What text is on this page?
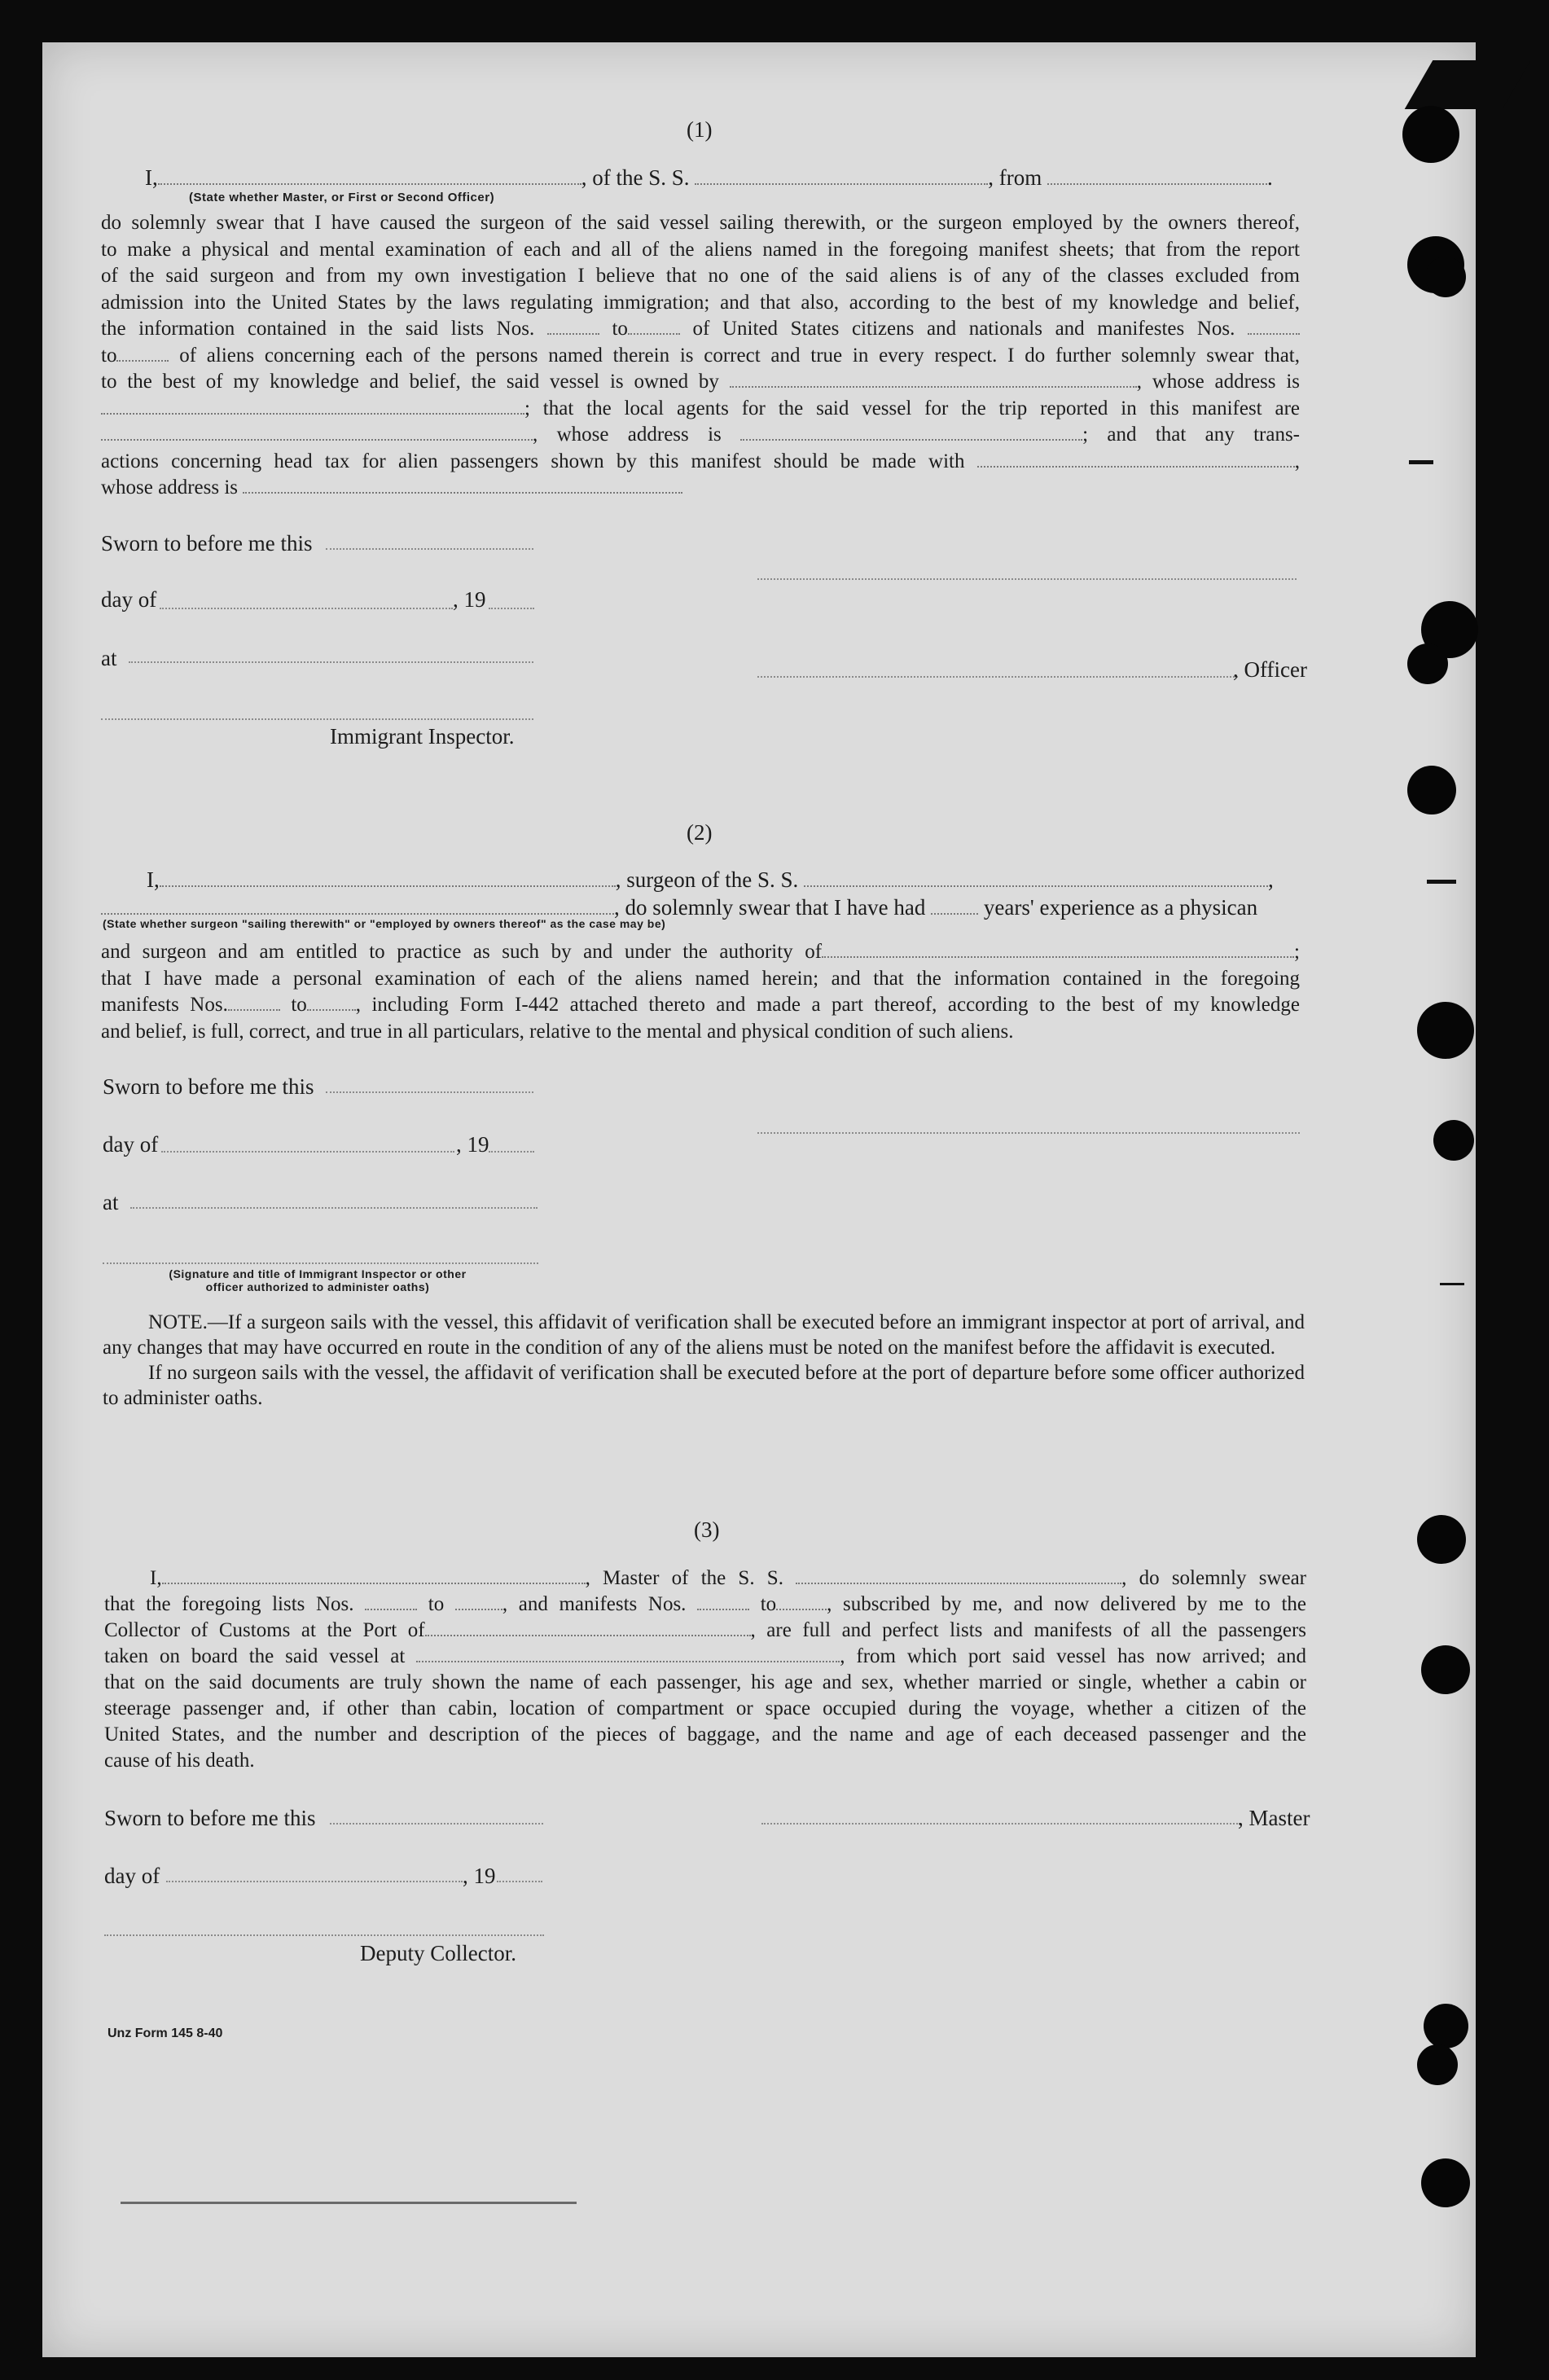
(1)
I,	, of the S. S.	, from	.
(State whether Master, or First or Second Officer)

do solemnly swear that I have caused the surgeon of the said vessel sailing therewith, or the surgeon employed by the owners thereof,

to make a physical and mental examination of each and all of the aliens named in the foregoing manifest sheets; that from the report

of the said surgeon and from my own investigation I believe that no one of the said aliens is of any of the classes excluded from

admission into the United States by the laws regulating immigration; and that also, according to the best of my knowledge and belief,

the information contained in the said lists Nos.	to	of United States citizens and nationals and manifestes Nos.

to	of aliens concerning each of the persons named therein is correct and true in every respect. I do further solemnly swear that,

to the best of my knowledge and belief, the said vessel is owned by	, whose address is

; that the local agents for the said vessel for the trip reported in this manifest are

, whose address is	; and that any trans-

actions concerning head tax for alien passengers shown by this manifest should be made with	,

whose address is

Sworn to before me this
day of	, 19
at	, Officer
Immigrant Inspector.
(2)
I,	, surgeon of the S. S.	,
, do solemnly swear that I have had	years' experience as a physican
(State whether surgeon "sailing therewith" or "employed by owners thereof" as the case may be)

and surgeon and am entitled to practice as such by and under the authority of	;

that I have made a personal examination of each of the aliens named herein; and that the information contained in the foregoing

manifests Nos.	to , including Form I-442 attached thereto and made a part thereof, according to the best of my knowledge

and belief, is full, correct, and true in all particulars, relative to the mental and physical condition of such aliens.

Sworn to before me this
day of	, 19
at
(Signature and title of Immigrant Inspector or other
officer authorized to administer oaths)

NOTE.—If a surgeon sails with the vessel, this affidavit of verification shall be executed before an immigrant inspector at port of arrival, and any changes that may have occurred en route in the condition of any of the aliens must be noted on the manifest before the affidavit is executed.

If no surgeon sails with the vessel, the affidavit of verification shall be executed before at the port of departure before some officer authorized to administer oaths.

(3)

I,	, Master of the S. S.	, do solemnly swear

that the foregoing lists Nos.	to	, and manifests Nos.	to , subscribed by me, and now delivered by me to the

Collector of Customs at the Port of	, are full and perfect lists and manifests of all the passengers

taken on board the said vessel at	, from which port said vessel has now arrived; and

that on the said documents are truly shown the name of each passenger, his age and sex, whether married or single, whether a cabin or

steerage passenger and, if other than cabin, location of compartment or space occupied during the voyage, whether a citizen of the

United States, and the number and description of the pieces of baggage, and the name and age of each deceased passenger and the

cause of his death.

Sworn to before me this	, Master
day of	, 19
Deputy Collector.
Unz Form 145 8-40
